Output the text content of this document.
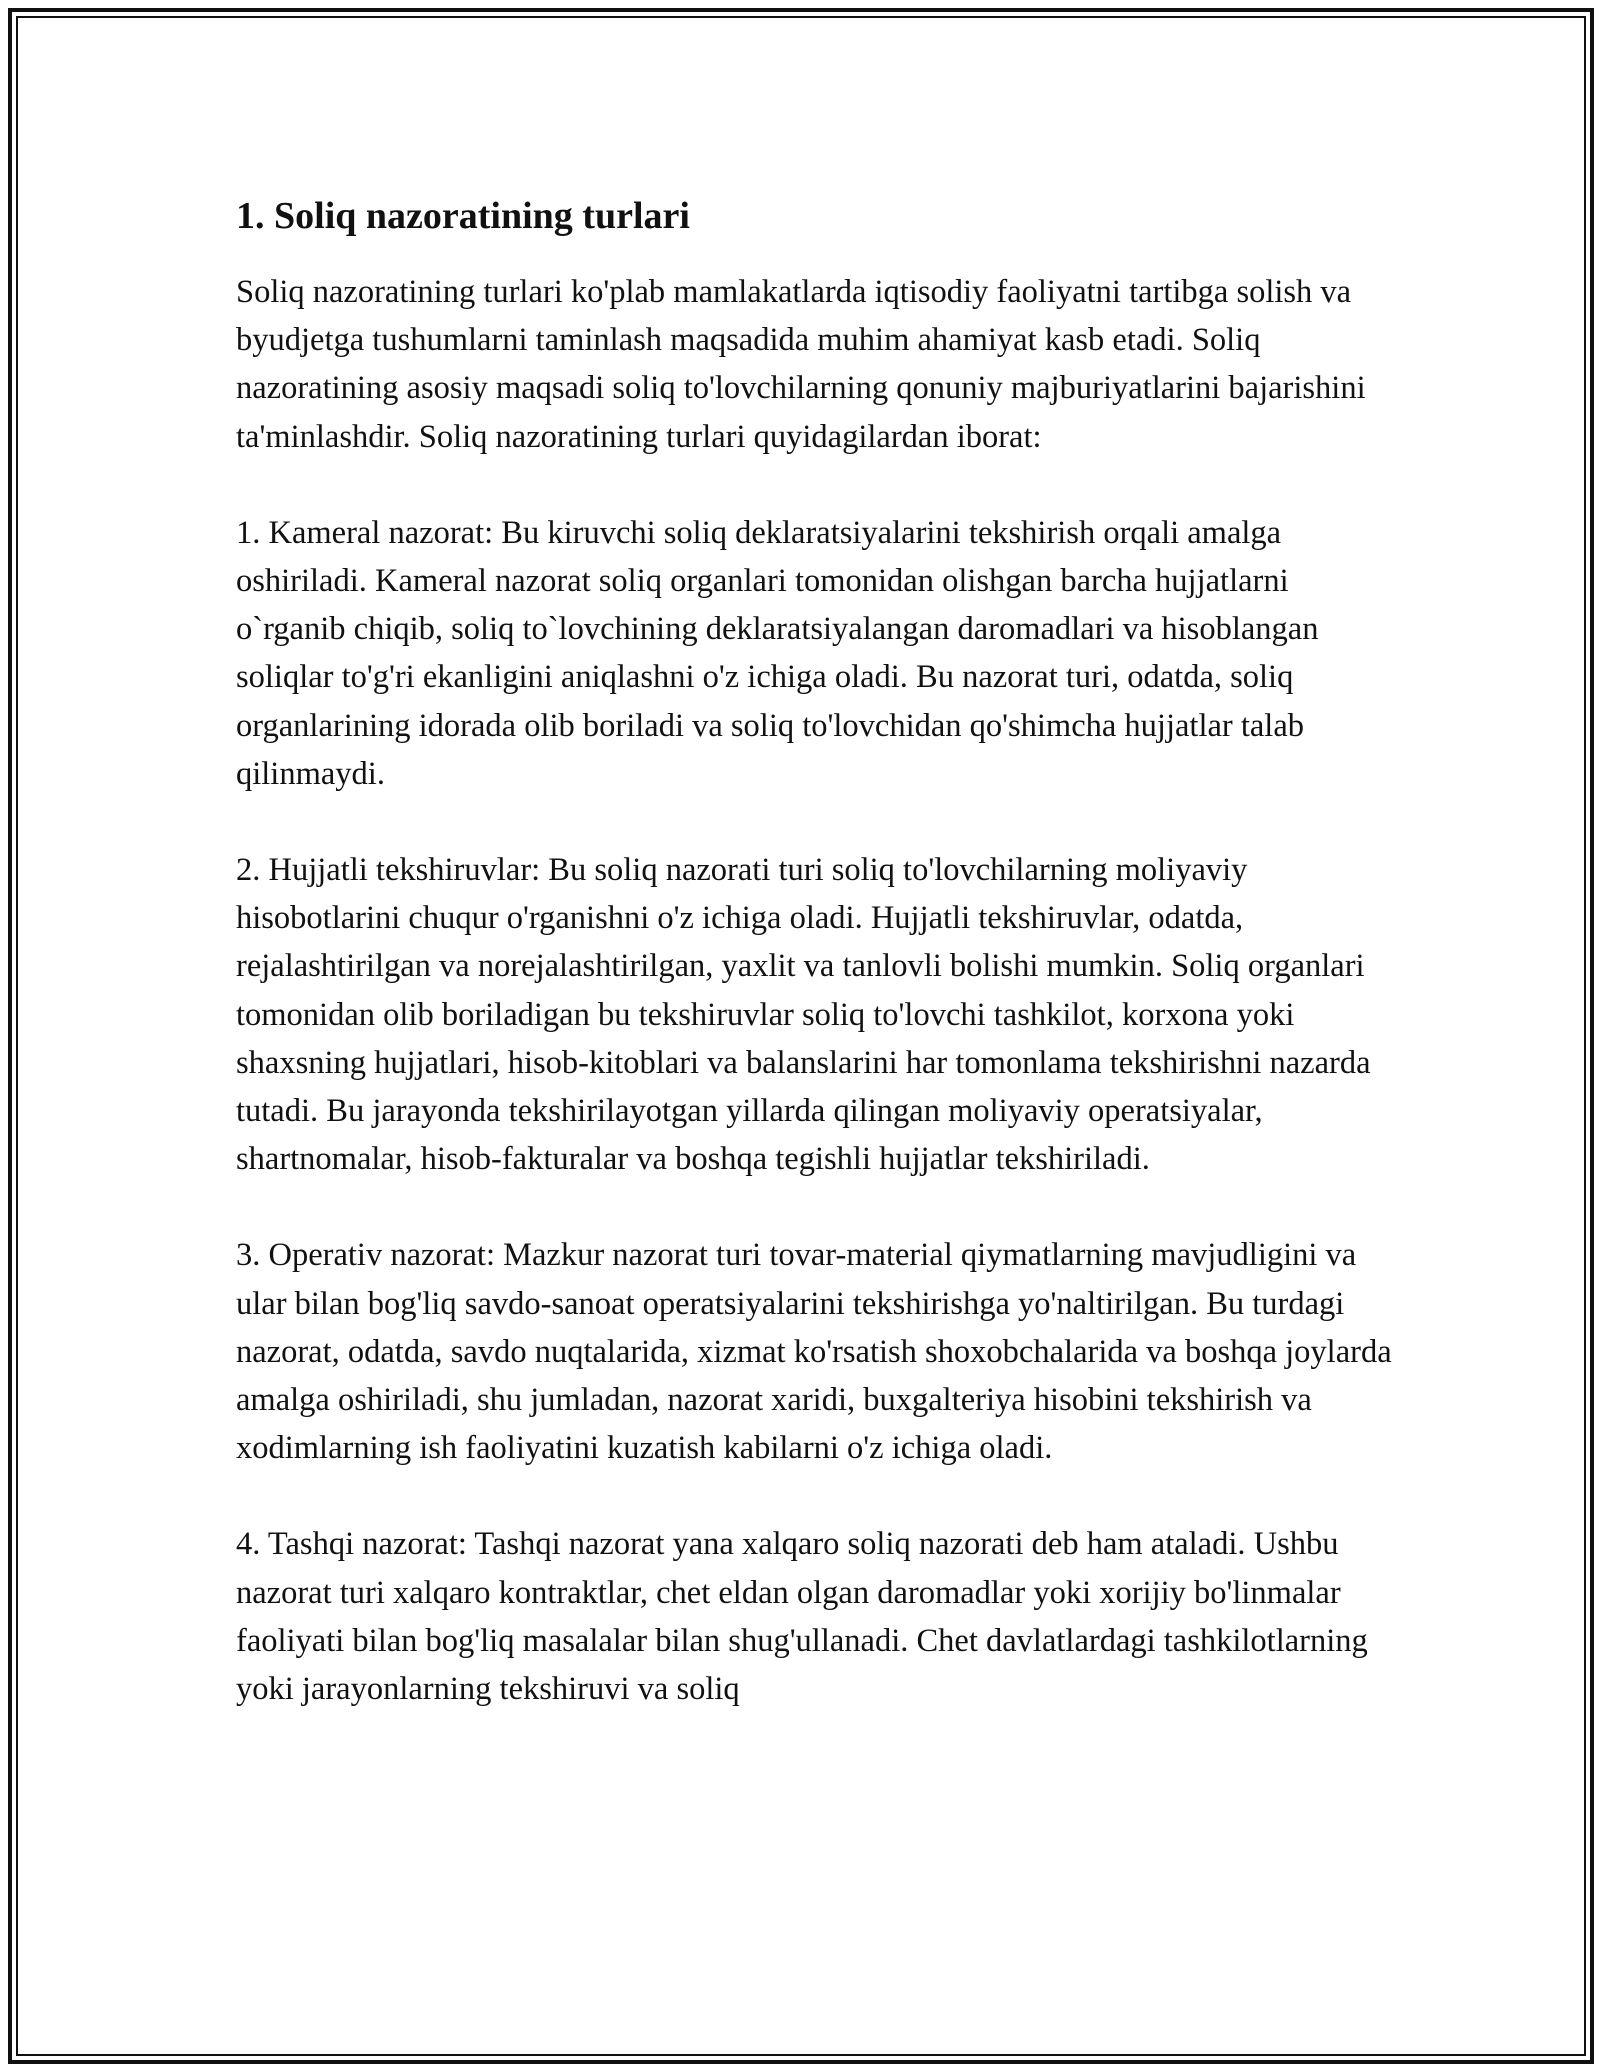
1. Soliq nazoratining turlari

Soliq nazoratining turlari ko'plab mamlakatlarda iqtisodiy faoliyatni tartibga solish va byudjetga tushumlarni taminlash maqsadida muhim ahamiyat kasb etadi. Soliq nazoratining asosiy maqsadi soliq to'lovchilarning qonuniy majburiyatlarini bajarishini ta'minlashdir. Soliq nazoratining turlari quyidagilardan iborat:

1. Kameral nazorat: Bu kiruvchi soliq deklaratsiyalarini tekshirish orqali amalga oshiriladi. Kameral nazorat soliq organlari tomonidan olishgan barcha hujjatlarni o`rganib chiqib, soliq to`lovchining deklaratsiyalangan daromadlari va hisoblangan soliqlar to'g'ri ekanligini aniqlashni o'z ichiga oladi. Bu nazorat turi, odatda, soliq organlarining idorada olib boriladi va soliq to'lovchidan qo'shimcha hujjatlar talab qilinmaydi.

2. Hujjatli tekshiruvlar: Bu soliq nazorati turi soliq to'lovchilarning moliyaviy hisobotlarini chuqur o'rganishni o'z ichiga oladi. Hujjatli tekshiruvlar, odatda, rejalashtirilgan va norejalashtirilgan, yaxlit va tanlovli bolishi mumkin. Soliq organlari tomonidan olib boriladigan bu tekshiruvlar soliq to'lovchi tashkilot, korxona yoki shaxsning hujjatlari, hisob-kitoblari va balanslarini har tomonlama tekshirishni nazarda tutadi. Bu jarayonda tekshirilayotgan yillarda qilingan moliyaviy operatsiyalar, shartnomalar, hisob-fakturalar va boshqa tegishli hujjatlar tekshiriladi.

3. Operativ nazorat: Mazkur nazorat turi tovar-material qiymatlarning mavjudligini va ular bilan bog'liq savdo-sanoat operatsiyalarini tekshirishga yo'naltirilgan. Bu turdagi nazorat, odatda, savdo nuqtalarida, xizmat ko'rsatish shoxobchalarida va boshqa joylarda amalga oshiriladi, shu jumladan, nazorat xaridi, buxgalteriya hisobini tekshirish va xodimlarning ish faoliyatini kuzatish kabilarni o'z ichiga oladi.

4. Tashqi nazorat: Tashqi nazorat yana xalqaro soliq nazorati deb ham ataladi. Ushbu nazorat turi xalqaro kontraktlar, chet eldan olgan daromadlar yoki xorijiy bo'linmalar faoliyati bilan bog'liq masalalar bilan shug'ullanadi. Chet davlatlardagi tashkilotlarning yoki jarayonlarning tekshiruvi va soliq
